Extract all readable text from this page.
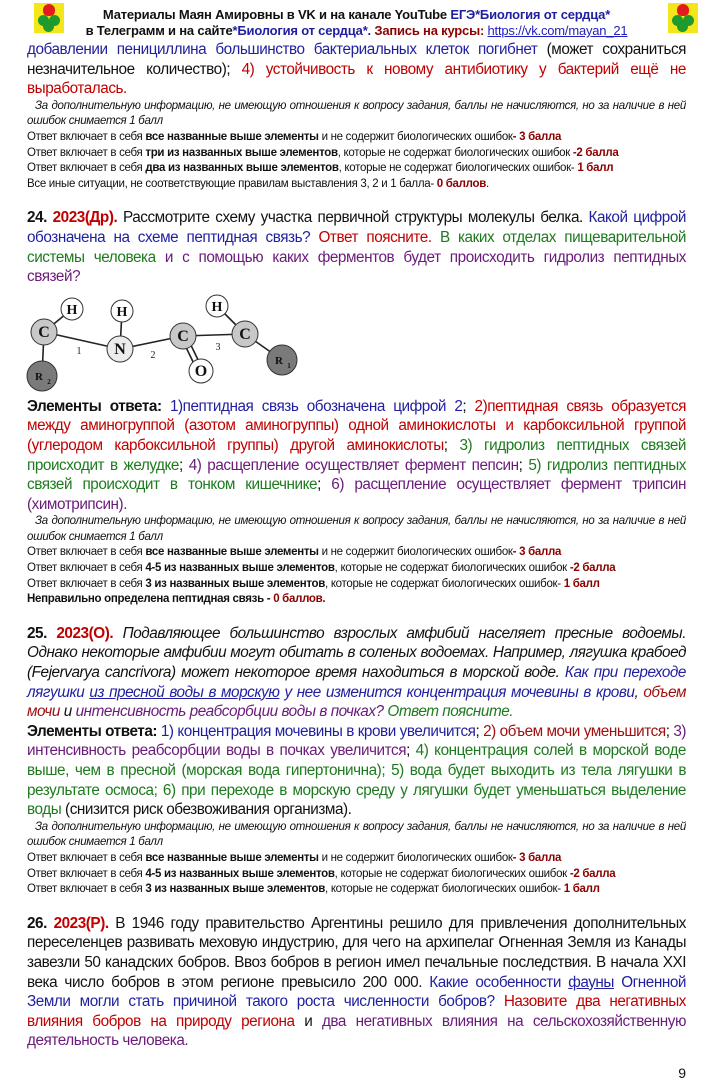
Материалы Маян Амировны в VK и на канале YouTube ЕГЭ*Биология от сердца*
в Телеграмм и на сайте*Биология от сердца*. Запись на курсы: https://vk.com/mayan_21
добавлении пенициллина большинство бактериальных клеток погибнет (может сохраниться незначительное количество); 4) устойчивость к новому антибиотику у бактерий ещё не выработалась.
За дополнительную информацию, не имеющую отношения к вопросу задания, баллы не начисляются, но за наличие в ней ошибок снимается 1 балл
Ответ включает в себя все названные выше элементы и не содержит биологических ошибок- 3 балла
Ответ включает в себя три из названных выше элементов, которые не содержат биологических ошибок -2 балла
Ответ включает в себя два из названных выше элементов, которые не содержат биологических ошибок- 1 балл
Все иные ситуации, не соответствующие правилам выставления 3, 2 и 1 балла- 0 баллов.
24. 2023(Др). Рассмотрите схему участка первичной структуры молекулы белка. Какой цифрой обозначена на схеме пептидная связь? Ответ поясните. В каких отделах пищеварительной системы человека и с помощью каких ферментов будет происходить гидролиз пептидных связей?
H	H	H
C
N
C	C
O
R 1
R 2
1	2
3
Элементы ответа: 1)пептидная связь обозначена цифрой 2; 2)пептидная связь образуется между аминогруппой (азотом аминогруппы) одной аминокислоты и карбоксильной группой (углеродом карбоксильной группы) другой аминокислоты; 3) гидролиз пептидных связей происходит в желудке; 4) расщепление осуществляет фермент пепсин; 5) гидролиз пептидных связей происходит в тонком кишечнике; 6) расщепление осуществляет фермент трипсин (химотрипсин).
За дополнительную информацию, не имеющую отношения к вопросу задания, баллы не начисляются, но за наличие в ней ошибок снимается 1 балл
Ответ включает в себя все названные выше элементы и не содержит биологических ошибок- 3 балла
Ответ включает в себя 4-5 из названных выше элементов, которые не содержат биологических ошибок -2 балла
Ответ включает в себя 3 из названных выше элементов, которые не содержат биологических ошибок- 1 балл
Неправильно определена пептидная связь - 0 баллов.
25. 2023(О). Подавляющее большинство взрослых амфибий населяет пресные водоемы. Однако некоторые амфибии могут обитать в соленых водоемах. Например, лягушка крабоед (Fejervarya cancrivora) может некоторое время находиться в морской воде. Как при переходе лягушки из пресной воды в морскую у нее изменится концентрация мочевины в крови, объем мочи и интенсивность реабсорбции воды в почках? Ответ поясните.
Элементы ответа: 1) концентрация мочевины в крови увеличится; 2) объем мочи уменьшится; 3) интенсивность реабсорбции воды в почках увеличится; 4) концентрация солей в морской воде выше, чем в пресной (морская вода гипертонична); 5) вода будет выходить из тела лягушки в результате осмоса; 6) при переходе в морскую среду у лягушки будет уменьшаться выделение воды (снизится риск обезвоживания организма).
За дополнительную информацию, не имеющую отношения к вопросу задания, баллы не начисляются, но за наличие в ней ошибок снимается 1 балл
Ответ включает в себя все названные выше элементы и не содержит биологических ошибок- 3 балла
Ответ включает в себя 4-5 из названных выше элементов, которые не содержат биологических ошибок -2 балла
Ответ включает в себя 3 из названных выше элементов, которые не содержат биологических ошибок- 1 балл
26. 2023(Р). В 1946 году правительство Аргентины решило для привлечения дополнительных переселенцев развивать меховую индустрию, для чего на архипелаг Огненная Земля из Канады завезли 50 канадских бобров. Ввоз бобров в регион имел печальные последствия. В начала XXI века число бобров в этом регионе превысило 200 000. Какие особенности фауны Огненной Земли могли стать причиной такого роста численности бобров? Назовите два негативных влияния бобров на природу региона и два негативных влияния на сельскохозяйственную деятельность человека.
9
